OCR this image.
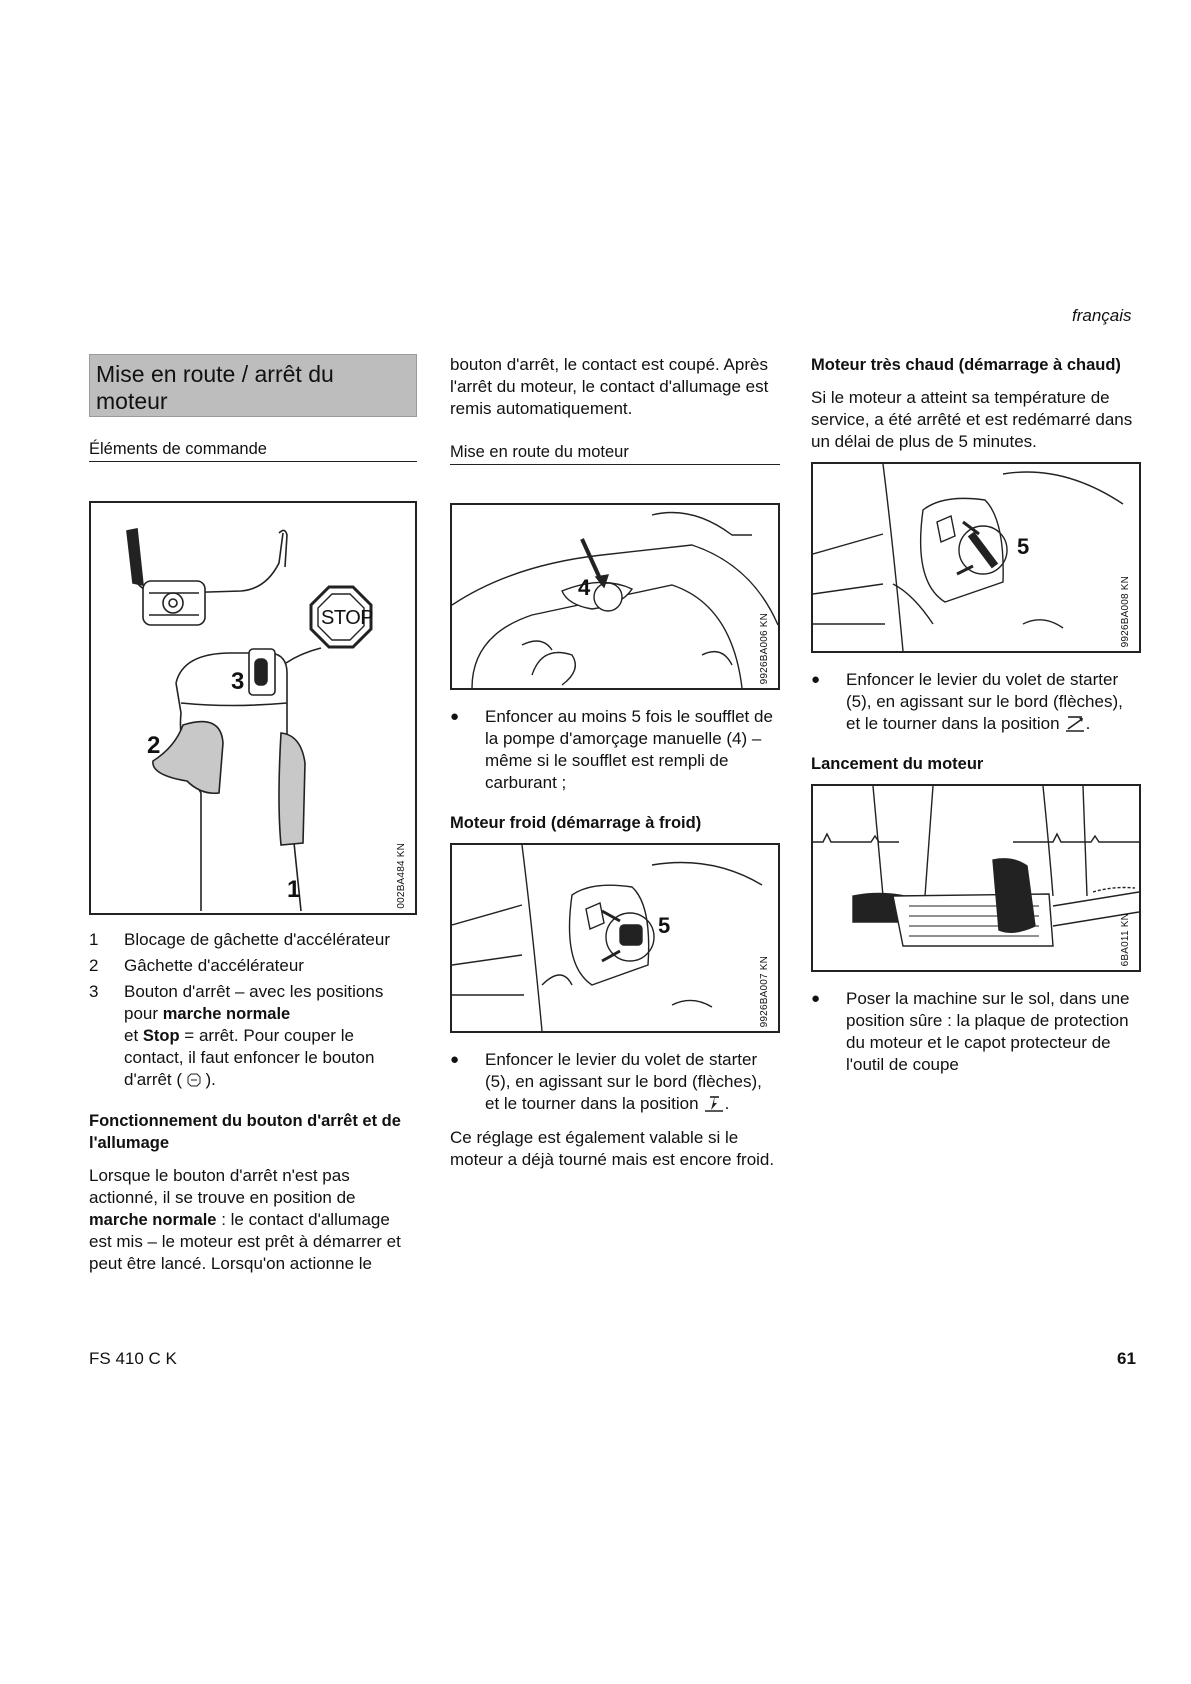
français
Mise en route / arrêt du moteur
Éléments de commande
STOP
1
2
3
002BA484 KN
1	Blocage de gâchette d'accélérateur
2	Gâchette d'accélérateur
3	Bouton d'arrêt – avec les positions pour marche normale
et Stop = arrêt. Pour couper le contact, il faut enfoncer le bouton d'arrêt (  ).
Fonctionnement du bouton d'arrêt et de l'allumage

Lorsque le bouton d'arrêt n'est pas actionné, il se trouve en position de marche normale : le contact d'allumage est mis – le moteur est prêt à démarrer et peut être lancé. Lorsqu'on actionne le

bouton d'arrêt, le contact est coupé. Après l'arrêt du moteur, le contact d'allumage est remis automatiquement.

Mise en route du moteur
4
9926BA006 KN
●	Enfoncer au moins 5 fois le soufflet de la pompe d'amorçage manuelle (4) – même si le soufflet est rempli de carburant ;
Moteur froid (démarrage à froid)
5
9926BA007 KN
●	Enfoncer le levier du volet de starter (5), en agissant sur le bord (flèches), et le tourner dans la position .

Ce réglage est également valable si le moteur a déjà tourné mais est encore froid.

Moteur très chaud (démarrage à chaud)

Si le moteur a atteint sa température de service, a été arrêté et est redémarré dans un délai de plus de 5 minutes.

5
9926BA008 KN
●	Enfoncer le levier du volet de starter (5), en agissant sur le bord (flèches), et le tourner dans la position .
Lancement du moteur
6BA011 KN
●	Poser la machine sur le sol, dans une position sûre : la plaque de protection du moteur et le capot protecteur de l'outil de coupe
FS 410 C K	61
